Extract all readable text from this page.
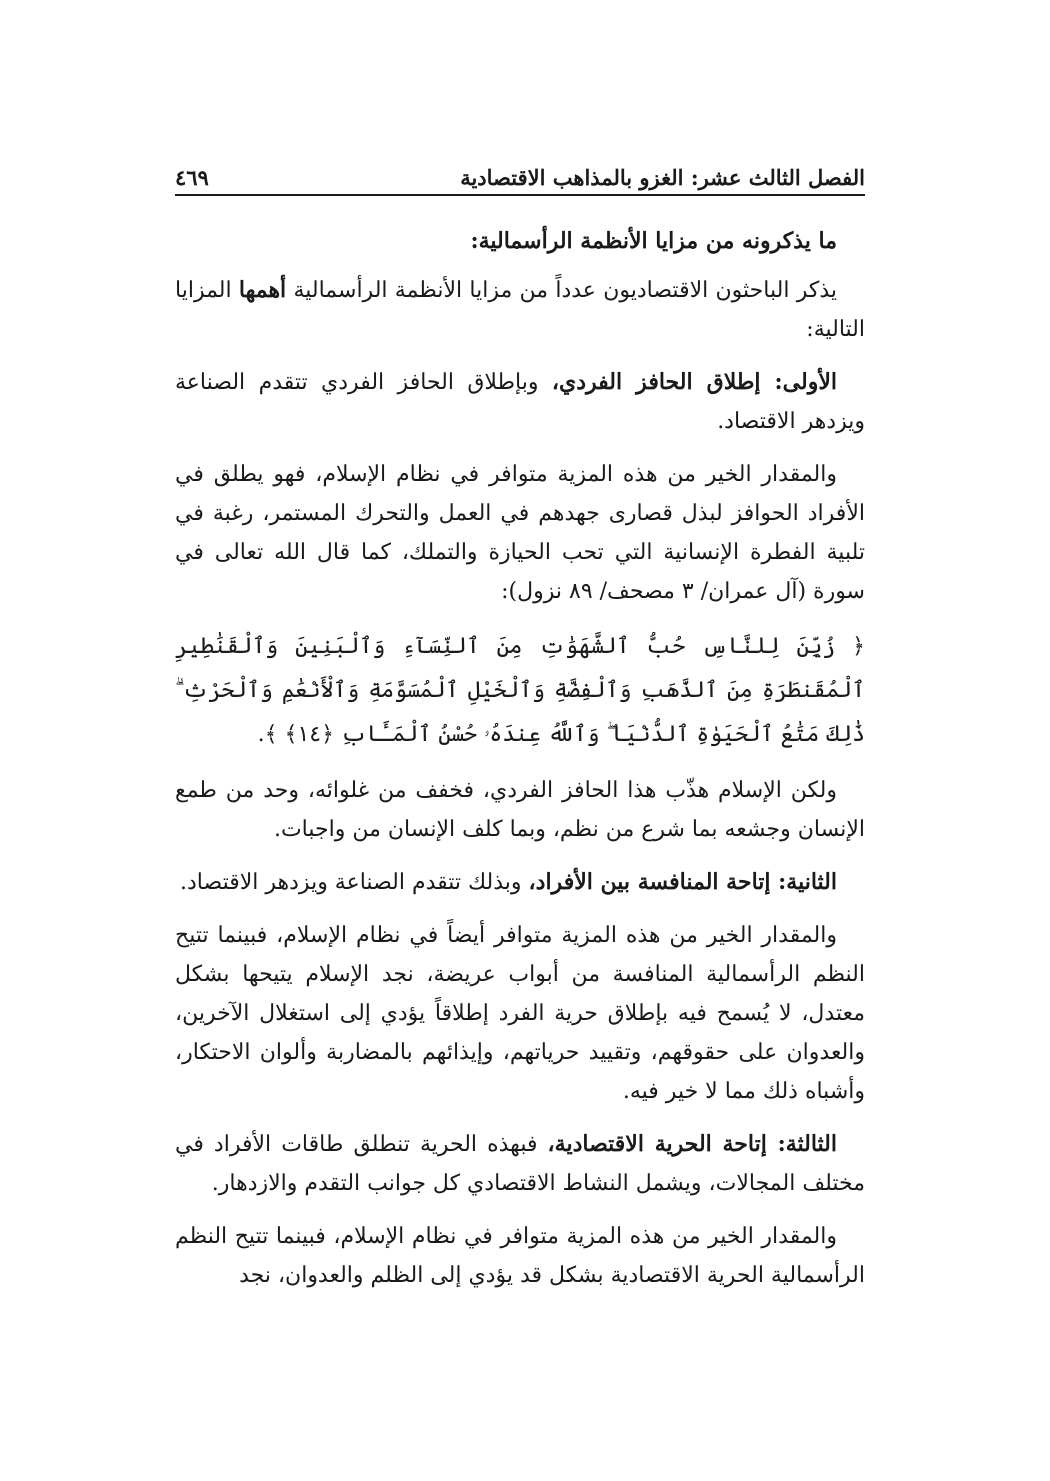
الفصل الثالث عشر: الغزو بالمذاهب الاقتصادية
٤٦٩
ما يذكرونه من مزايا الأنظمة الرأسمالية:

يذكر الباحثون الاقتصاديون عدداً من مزايا الأنظمة الرأسمالية أهمها المزايا التالية:

الأولى: إطلاق الحافز الفردي، وبإطلاق الحافز الفردي تتقدم الصناعة ويزدهر الاقتصاد.

والمقدار الخير من هذه المزية متوافر في نظام الإسلام، فهو يطلق في الأفراد الحوافز لبذل قصارى جهدهم في العمل والتحرك المستمر، رغبة في تلبية الفطرة الإنسانية التي تحب الحيازة والتملك، كما قال الله تعالى في سورة (آل عمران/ ٣ مصحف/ ٨٩ نزول):

﴿ زُيِّنَ لِلنَّاسِ حُبُّ ٱلشَّهَوَٰتِ مِنَ ٱلنِّسَآءِ وَٱلْبَنِينَ وَٱلْقَنَٰطِيرِ ٱلْمُقَنطَرَةِ مِنَ ٱلذَّهَبِ وَٱلْفِضَّةِ وَٱلْخَيْلِ ٱلْمُسَوَّمَةِ وَٱلْأَنْعَٰمِ وَٱلْحَرْثِ ۗ ذَٰلِكَ مَتَٰعُ ٱلْحَيَوٰةِ ٱلدُّنْيَا ۖ وَٱللَّهُ عِندَهُۥ حُسْنُ ٱلْمَـَٔابِ ﴿١٤﴾ ﴾.

ولكن الإسلام هذّب هذا الحافز الفردي، فخفف من غلوائه، وحد من طمع الإنسان وجشعه بما شرع من نظم، وبما كلف الإنسان من واجبات.

الثانية: إتاحة المنافسة بين الأفراد، وبذلك تتقدم الصناعة ويزدهر الاقتصاد.

والمقدار الخير من هذه المزية متوافر أيضاً في نظام الإسلام، فبينما تتيح النظم الرأسمالية المنافسة من أبواب عريضة، نجد الإسلام يتيحها بشكل معتدل، لا يُسمح فيه بإطلاق حرية الفرد إطلاقاً يؤدي إلى استغلال الآخرين، والعدوان على حقوقهم، وتقييد حرياتهم، وإيذائهم بالمضاربة وألوان الاحتكار، وأشباه ذلك مما لا خير فيه.

الثالثة: إتاحة الحرية الاقتصادية، فبهذه الحرية تنطلق طاقات الأفراد في مختلف المجالات، ويشمل النشاط الاقتصادي كل جوانب التقدم والازدهار.

والمقدار الخير من هذه المزية متوافر في نظام الإسلام، فبينما تتيح النظم الرأسمالية الحرية الاقتصادية بشكل قد يؤدي إلى الظلم والعدوان، نجد
